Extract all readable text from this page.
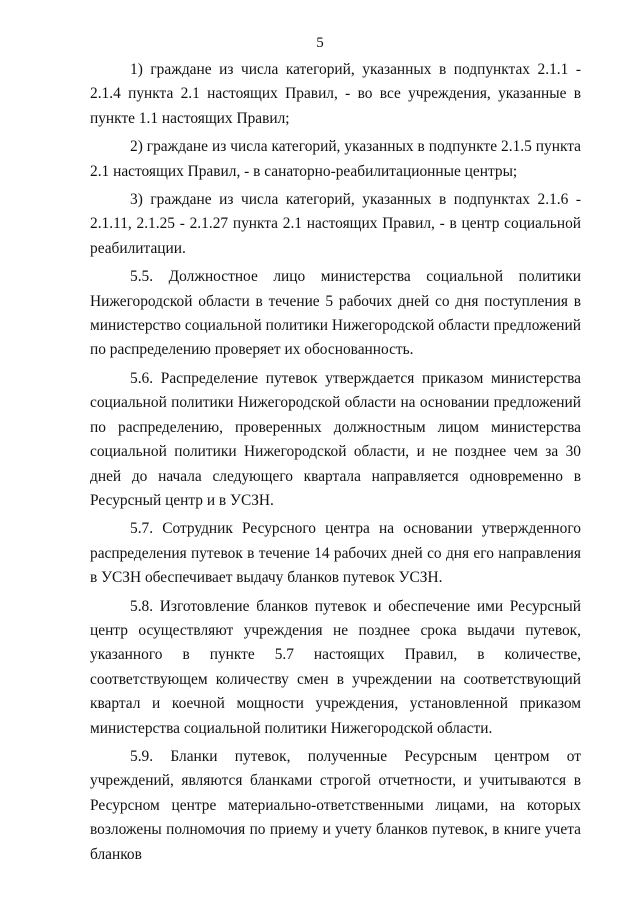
5

1) граждане из числа категорий, указанных в подпунктах 2.1.1 - 2.1.4 пункта 2.1 настоящих Правил, - во все учреждения, указанные в пункте 1.1 настоящих Правил;

2) граждане из числа категорий, указанных в подпункте 2.1.5 пункта 2.1 настоящих Правил, - в санаторно-реабилитационные центры;

3) граждане из числа категорий, указанных в подпунктах 2.1.6 - 2.1.11, 2.1.25 - 2.1.27 пункта 2.1 настоящих Правил, - в центр социальной реабилитации.

5.5. Должностное лицо министерства социальной политики Нижегородской области в течение 5 рабочих дней со дня поступления в министерство социальной политики Нижегородской области предложений по распределению проверяет их обоснованность.

5.6. Распределение путевок утверждается приказом министерства социальной политики Нижегородской области на основании предложений по распределению, проверенных должностным лицом министерства социальной политики Нижегородской области, и не позднее чем за 30 дней до начала следующего квартала направляется одновременно в Ресурсный центр и в УСЗН.

5.7. Сотрудник Ресурсного центра на основании утвержденного распределения путевок в течение 14 рабочих дней со дня его направления в УСЗН обеспечивает выдачу бланков путевок УСЗН.

5.8. Изготовление бланков путевок и обеспечение ими Ресурсный центр осуществляют учреждения не позднее срока выдачи путевок, указанного в пункте 5.7 настоящих Правил, в количестве, соответствующем количеству смен в учреждении на соответствующий квартал и коечной мощности учреждения, установленной приказом министерства социальной политики Нижегородской области.

5.9. Бланки путевок, полученные Ресурсным центром от учреждений, являются бланками строгой отчетности, и учитываются в Ресурсном центре материально-ответственными лицами, на которых возложены полномочия по приему и учету бланков путевок, в книге учета бланков
